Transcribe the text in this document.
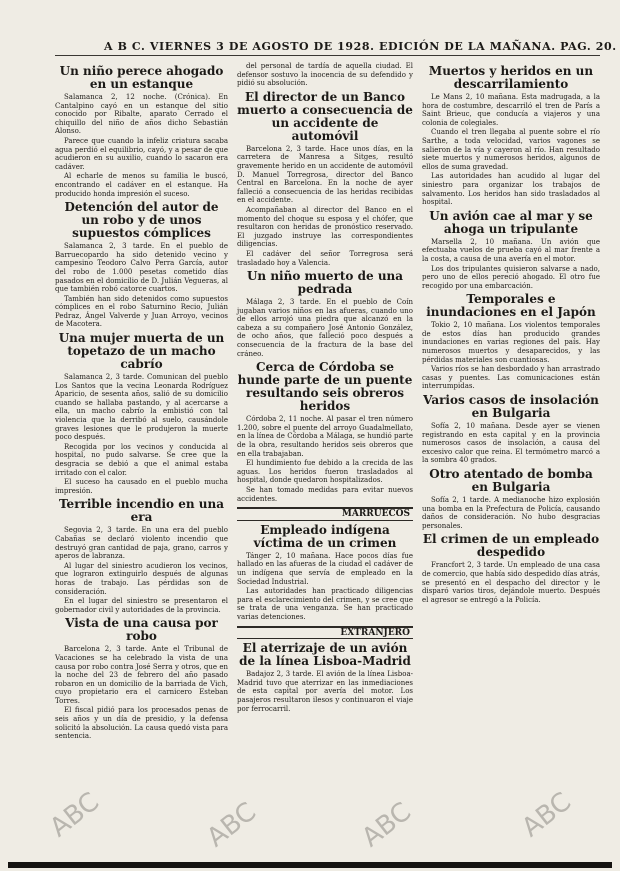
A B C. VIERNES 3 DE AGOSTO DE 1928. EDICIÓN DE LA MAÑANA. PAG. 20.
Un niño perece ahogado en un estanque

Salamanca 2, 12 noche. (Crónica). En Cantalpino cayó en un estanque del sitio conocido por Ribalte, aparato Cerrado el chiquillo del niño de años dicho Sebastián Alonso.

Parece que cuando la infeliz criatura sacaba agua perdió el equilibrio, cayó, y a pesar de que acudieron en su auxilio, cuando lo sacaron era cadáver.

Al echarle de menos su familia le buscó, encontrando el cadáver en el estanque. Ha producido honda impresión el suceso.

Detención del autor de un robo y de unos supuestos cómplices

Salamanca 2, 3 tarde. En el pueblo de Barruecopardo ha sido detenido vecino y campesino Teodoro Calvo Perra García, autor del robo de 1.000 pesetas cometido días pasados en el domicilio de D. Julián Vegueras, al que también robó catorce cuartos.

También han sido detenidos como supuestos cómplices en el robo Saturnino Recio, Julián Pedraz, Ángel Valverde y Juan Arroyo, vecinos de Macotera.

Una mujer muerta de un topetazo de un macho cabrío

Salamanca 2, 3 tarde. Comunican del pueblo Los Santos que la vecina Leonarda Rodríguez Aparicio, de sesenta años, salió de su domicilio cuando se hallaba pastando, y al acercarse a ella, un macho cabrío la embistió con tal violencia que la derribó al suelo, causándole graves lesiones que le produjeron la muerte poco después.

Recogida por los vecinos y conducida al hospital, no pudo salvarse. Se cree que la desgracia se debió a que el animal estaba irritado con el calor.

El suceso ha causado en el pueblo mucha impresión.

Terrible incendio en una era

Segovia 2, 3 tarde. En una era del pueblo Cabañas se declaró violento incendio que destruyó gran cantidad de paja, grano, carros y aperos de labranza.

Al lugar del siniestro acudieron los vecinos, que lograron extinguirlo después de algunas horas de trabajo. Las pérdidas son de consideración.

En el lugar del siniestro se presentaron el gobernador civil y autoridades de la provincia.

Vista de una causa por robo

Barcelona 2, 3 tarde. Ante el Tribunal de Vacaciones se ha celebrado la vista de una causa por robo contra José Serra y otros, que en la noche del 23 de febrero del año pasado robaron en un domicilio de la barriada de Vich, cuyo propietario era el carnicero Esteban Torres.

El fiscal pidió para los procesados penas de seis años y un día de presidio, y la defensa solicitó la absolución. La causa quedó vista para sentencia.

del personal de tardía de aquella ciudad. El defensor sostuvo la inocencia de su defendido y pidió su absolución.

El director de un Banco muerto a consecuencia de un accidente de automóvil

Barcelona 2, 3 tarde. Hace unos días, en la carretera de Manresa a Sitges, resultó gravemente herido en un accidente de automóvil D. Manuel Torregrosa, director del Banco Central en Barcelona. En la noche de ayer falleció a consecuencia de las heridas recibidas en el accidente.

Acompañaban al director del Banco en el momento del choque su esposa y el chófer, que resultaron con heridas de pronóstico reservado. El juzgado instruye las correspondientes diligencias.

El cadáver del señor Torregrosa será trasladado hoy a Valencia.

Un niño muerto de una pedrada

Málaga 2, 3 tarde. En el pueblo de Coín jugaban varios niños en las afueras, cuando uno de ellos arrojó una piedra que alcanzó en la cabeza a su compañero José Antonio González, de ocho años, que falleció poco después a consecuencia de la fractura de la base del cráneo.

Cerca de Córdoba se hunde parte de un puente resultando seis obreros heridos

Córdoba 2, 11 noche. Al pasar el tren número 1.200, sobre el puente del arroyo Guadalmellato, en la línea de Córdoba a Málaga, se hundió parte de la obra, resultando heridos seis obreros que en ella trabajaban.

El hundimiento fue debido a la crecida de las aguas. Los heridos fueron trasladados al hospital, donde quedaron hospitalizados.

Se han tomado medidas para evitar nuevos accidentes.

MARRUECOS
Empleado indígena víctima de un crimen

Tánger 2, 10 mañana. Hace pocos días fue hallado en las afueras de la ciudad el cadáver de un indígena que servía de empleado en la Sociedad Industrial.

Las autoridades han practicado diligencias para el esclarecimiento del crimen, y se cree que se trata de una venganza. Se han practicado varias detenciones.

EXTRANJERO
El aterrizaje de un avión de la línea Lisboa-Madrid

Badajoz 2, 3 tarde. El avión de la línea Lisboa-Madrid tuvo que aterrizar en las inmediaciones de esta capital por avería del motor. Los pasajeros resultaron ilesos y continuaron el viaje por ferrocarril.

Muertos y heridos en un descarrilamiento

Le Mans 2, 10 mañana. Esta madrugada, a la hora de costumbre, descarriló el tren de París a Saint Brieuc, que conducía a viajeros y una colonia de colegiales.

Cuando el tren llegaba al puente sobre el río Sarthe, a toda velocidad, varios vagones se salieron de la vía y cayeron al río. Han resultado siete muertos y numerosos heridos, algunos de ellos de suma gravedad.

Las autoridades han acudido al lugar del siniestro para organizar los trabajos de salvamento. Los heridos han sido trasladados al hospital.

Un avión cae al mar y se ahoga un tripulante

Marsella 2, 10 mañana. Un avión que efectuaba vuelos de prueba cayó al mar frente a la costa, a causa de una avería en el motor.

Los dos tripulantes quisieron salvarse a nado, pero uno de ellos pereció ahogado. El otro fue recogido por una embarcación.

Temporales e inundaciones en el Japón

Tokio 2, 10 mañana. Los violentos temporales de estos días han producido grandes inundaciones en varias regiones del país. Hay numerosos muertos y desaparecidos, y las pérdidas materiales son cuantiosas.

Varios ríos se han desbordado y han arrastrado casas y puentes. Las comunicaciones están interrumpidas.

Varios casos de insolación en Bulgaria

Sofía 2, 10 mañana. Desde ayer se vienen registrando en esta capital y en la provincia numerosos casos de insolación, a causa del excesivo calor que reina. El termómetro marcó a la sombra 40 grados.

Otro atentado de bomba en Bulgaria

Sofía 2, 1 tarde. A medianoche hizo explosión una bomba en la Prefectura de Policía, causando daños de consideración. No hubo desgracias personales.

El crimen de un empleado despedido

Francfort 2, 3 tarde. Un empleado de una casa de comercio, que había sido despedido días atrás, se presentó en el despacho del director y le disparó varios tiros, dejándole muerto. Después el agresor se entregó a la Policía.

ABC	ABC	ABC	ABC
